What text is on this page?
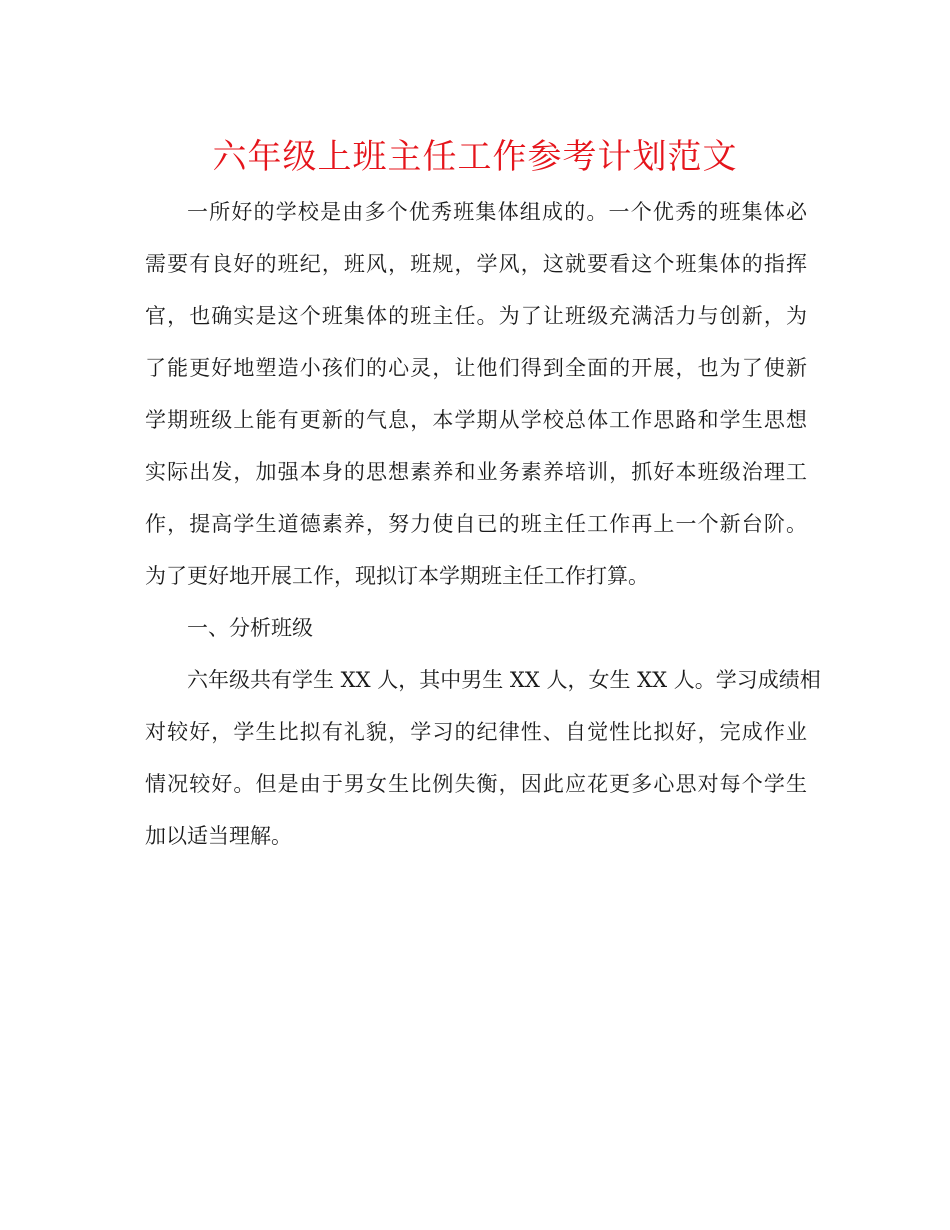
六年级上班主任工作参考计划范文
一所好的学校是由多个优秀班集体组成的。一个优秀的班集体必
需要有良好的班纪，班风，班规，学风，这就要看这个班集体的指挥
官，也确实是这个班集体的班主任。为了让班级充满活力与创新，为
了能更好地塑造小孩们的心灵，让他们得到全面的开展，也为了使新
学期班级上能有更新的气息，本学期从学校总体工作思路和学生思想
实际出发，加强本身的思想素养和业务素养培训，抓好本班级治理工
作，提高学生道德素养，努力使自已的班主任工作再上一个新台阶。
为了更好地开展工作，现拟订本学期班主任工作打算。
一、分析班级
六年级共有学生 XX 人，其中男生 XX 人，女生 XX 人。学习成绩相
对较好，学生比拟有礼貌，学习的纪律性、自觉性比拟好，完成作业
情况较好。但是由于男女生比例失衡，因此应花更多心思对每个学生
加以适当理解。
